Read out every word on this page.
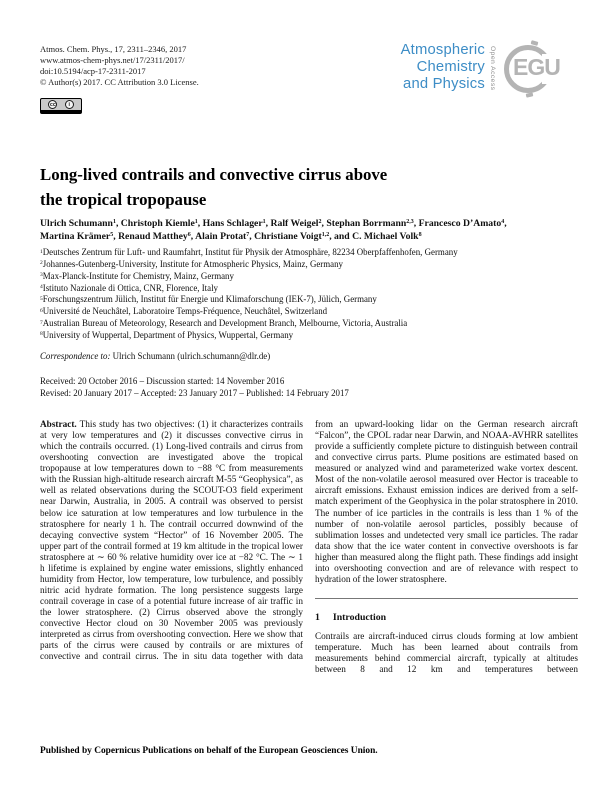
Atmos. Chem. Phys., 17, 2311–2346, 2017
www.atmos-chem-phys.net/17/2311/2017/
doi:10.5194/acp-17-2311-2017
© Author(s) 2017. CC Attribution 3.0 License.
cc	i
Atmospheric
Chemistry
and Physics Open Access EGU
Long-lived contrails and convective cirrus above
the tropical tropopause
Ulrich Schumann$^1$, Christoph Kiemle$^1$, Hans Schlager$^1$, Ralf Weigel$^2$, Stephan Borrmann$^{2,3}$, Francesco D’Amato$^4$,
Martina Krämer$^5$, Renaud Matthey$^6$, Alain Protat$^7$, Christiane Voigt$^{1,2}$, and C. Michael Volk$^8$
$^1$Deutsches Zentrum für Luft- und Raumfahrt, Institut für Physik der Atmosphäre, 82234 Oberpfaffenhofen, Germany
$^2$Johannes-Gutenberg-University, Institute for Atmospheric Physics, Mainz, Germany
$^3$Max-Planck-Institute for Chemistry, Mainz, Germany
$^4$Istituto Nazionale di Ottica, CNR, Florence, Italy
$^5$Forschungszentrum Jülich, Institut für Energie und Klimaforschung (IEK-7), Jülich, Germany
$^6$Université de Neuchâtel, Laboratoire Temps-Fréquence, Neuchâtel, Switzerland
$^7$Australian Bureau of Meteorology, Research and Development Branch, Melbourne, Victoria, Australia
$^8$University of Wuppertal, Department of Physics, Wuppertal, Germany
Correspondence to: Ulrich Schumann (ulrich.schumann@dlr.de)
Received: 20 October 2016 – Discussion started: 14 November 2016
Revised: 20 January 2017 – Accepted: 23 January 2017 – Published: 14 February 2017

Abstract. This study has two objectives: (1) it characterizes contrails at very low temperatures and (2) it discusses convective cirrus in which the contrails occurred. (1) Long-lived contrails and cirrus from overshooting convection are investigated above the tropical tropopause at low temperatures down to −88 °C from measurements with the Russian high-altitude research aircraft M-55 “Geophysica”, as well as related observations during the SCOUT-O3 field experiment near Darwin, Australia, in 2005. A contrail was observed to persist below ice saturation at low temperatures and low turbulence in the stratosphere for nearly 1 h. The contrail occurred downwind of the decaying convective system “Hector” of 16 November 2005. The upper part of the contrail formed at 19 km altitude in the tropical lower stratosphere at ∼ 60 % relative humidity over ice at −82 °C. The ∼ 1 h lifetime is explained by engine water emissions, slightly enhanced humidity from Hector, low temperature, low turbulence, and possibly nitric acid hydrate formation. The long persistence suggests large contrail coverage in case of a potential future increase of air traffic in the lower stratosphere. (2) Cirrus observed above the strongly convective Hector cloud on 30 November 2005 was previously interpreted as cirrus from overshooting convection. Here we show that parts of the cirrus were caused by contrails or are mixtures of convective and contrail cirrus. The in situ data together with data

from an upward-looking lidar on the German research aircraft “Falcon”, the CPOL radar near Darwin, and NOAA-AVHRR satellites provide a sufficiently complete picture to distinguish between contrail and convective cirrus parts. Plume positions are estimated based on measured or analyzed wind and parameterized wake vortex descent. Most of the non-volatile aerosol measured over Hector is traceable to aircraft emissions. Exhaust emission indices are derived from a self-match experiment of the Geophysica in the polar stratosphere in 2010. The number of ice particles in the contrails is less than 1 % of the number of non-volatile aerosol particles, possibly because of sublimation losses and undetected very small ice particles. The radar data show that the ice water content in convective overshoots is far higher than measured along the flight path. These findings add insight into overshooting convection and are of relevance with respect to hydration of the lower stratosphere.

1 Introduction

Contrails are aircraft-induced cirrus clouds forming at low ambient temperature. Much has been learned about contrails from measurements behind commercial aircraft, typically at altitudes between 8 and 12 km and temperatures between

Published by Copernicus Publications on behalf of the European Geosciences Union.
